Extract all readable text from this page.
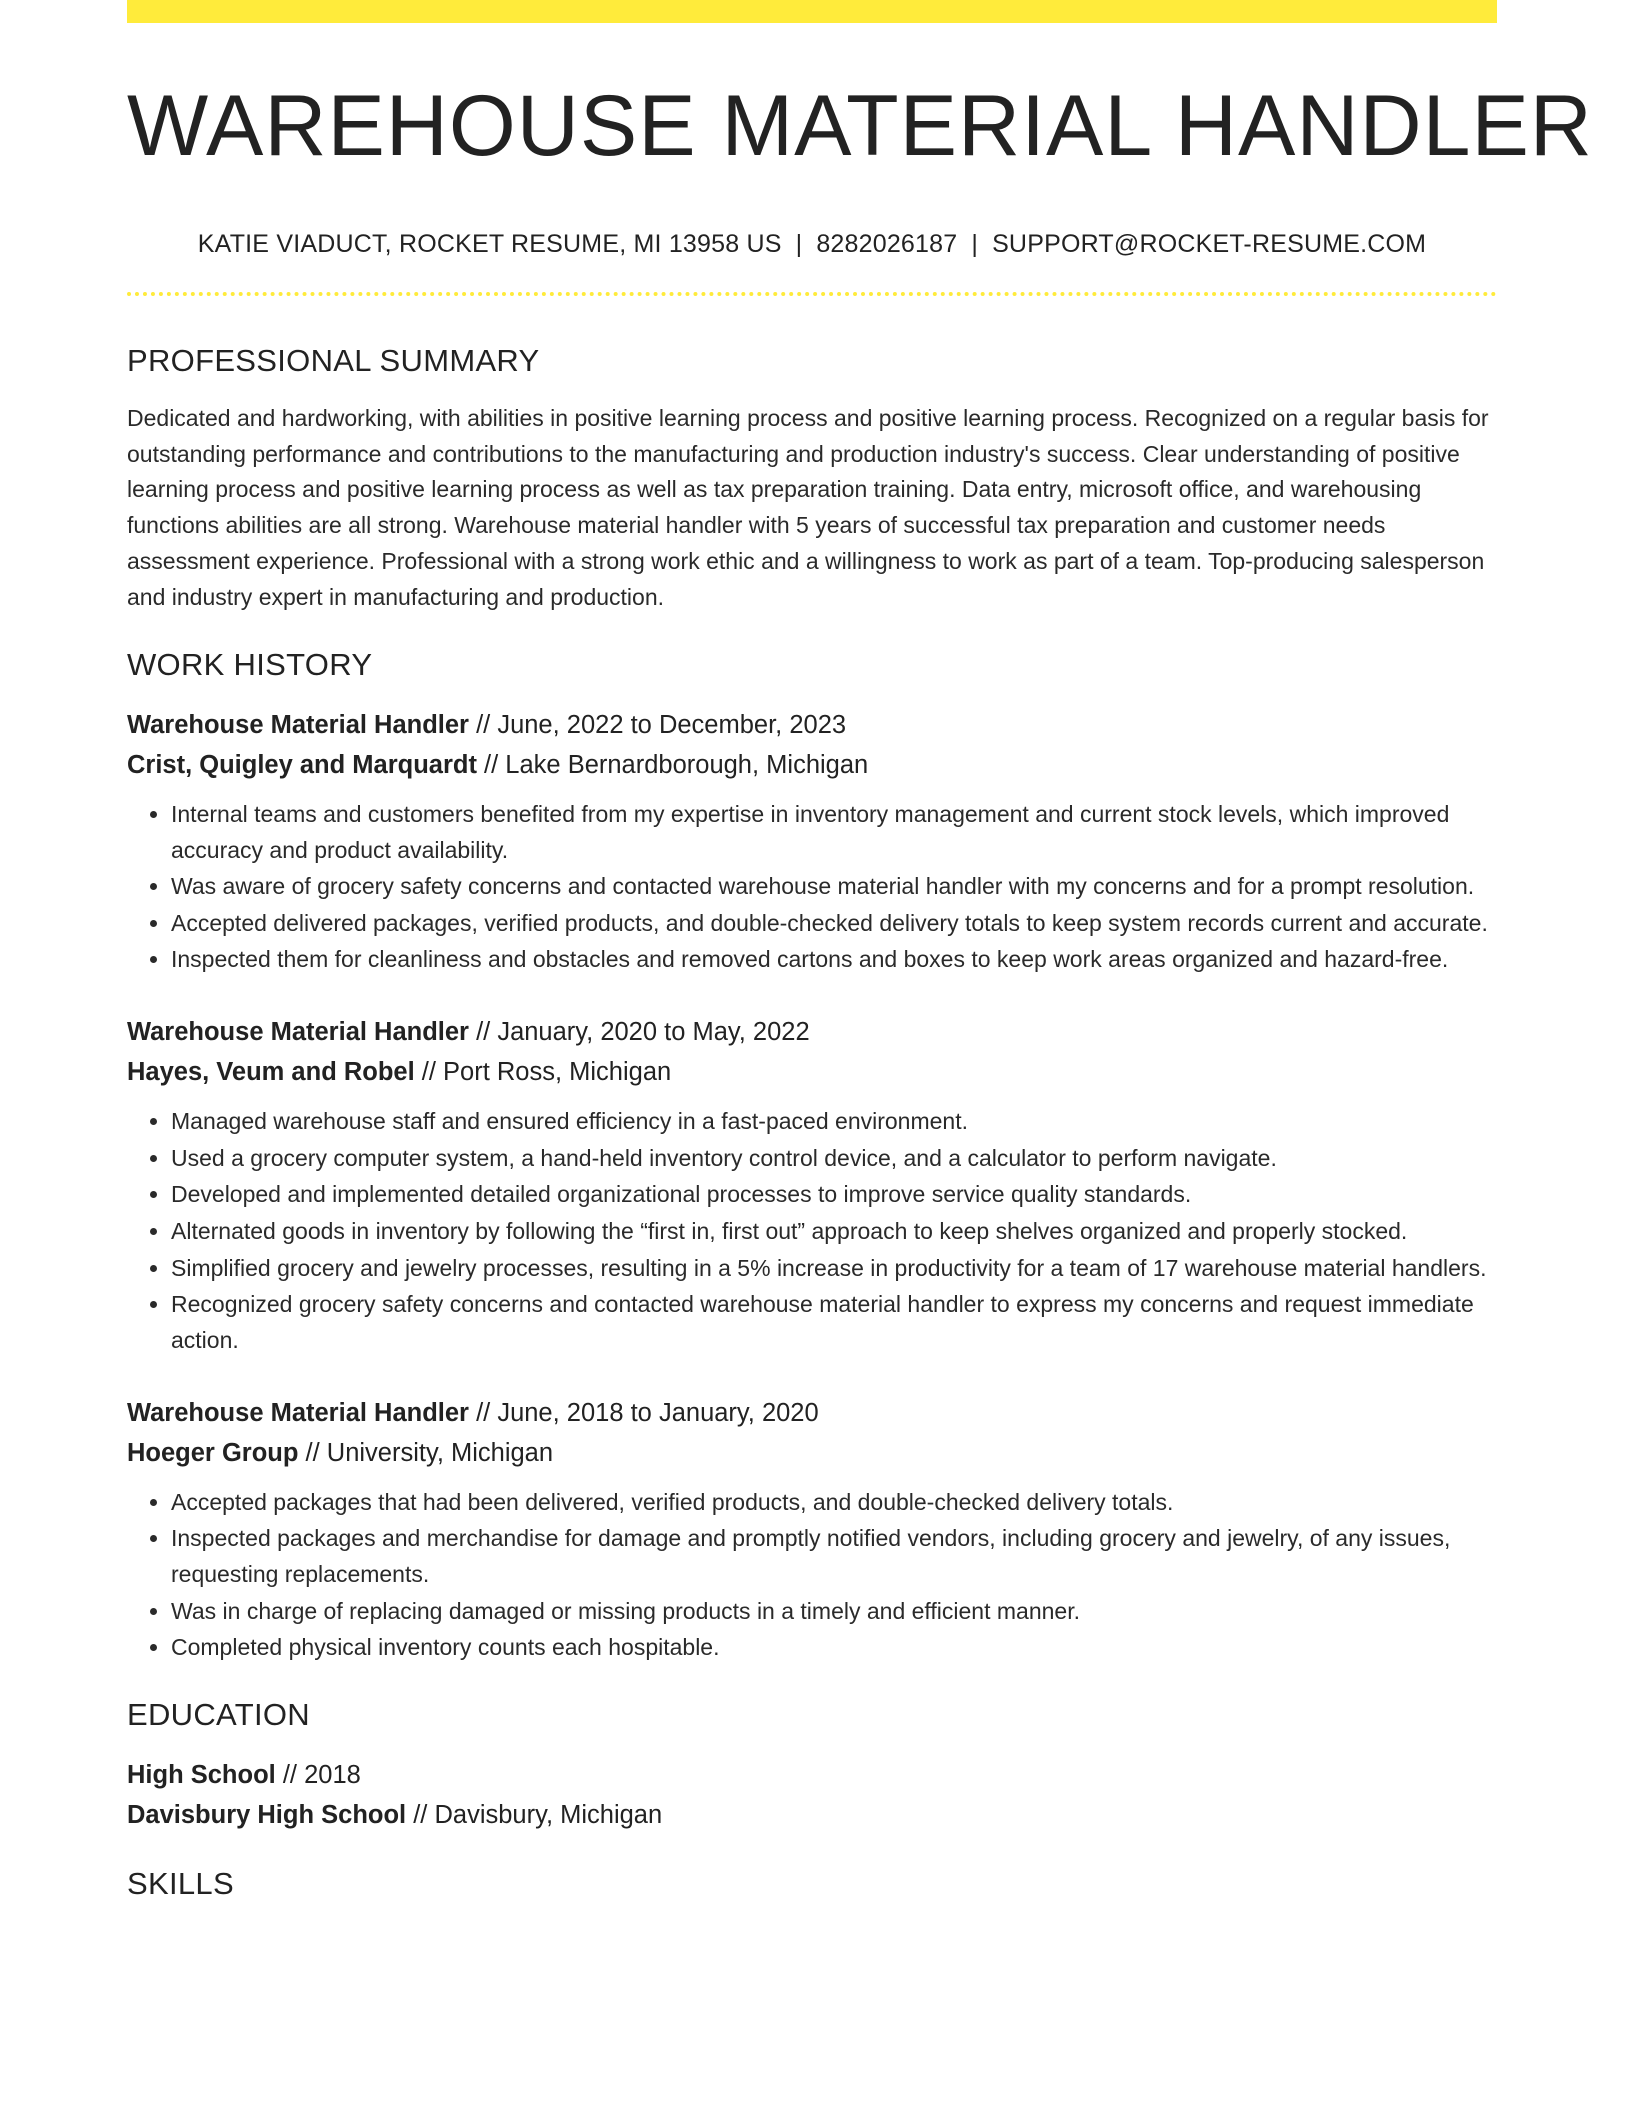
WAREHOUSE MATERIAL HANDLER
KATIE VIADUCT, ROCKET RESUME, MI 13958 US | 8282026187 | SUPPORT@ROCKET-RESUME.COM
PROFESSIONAL SUMMARY

Dedicated and hardworking, with abilities in positive learning process and positive learning process. Recognized on a regular basis for outstanding performance and contributions to the manufacturing and production industry's success. Clear understanding of positive learning process and positive learning process as well as tax preparation training. Data entry, microsoft office, and warehousing functions abilities are all strong. Warehouse material handler with 5 years of successful tax preparation and customer needs assessment experience. Professional with a strong work ethic and a willingness to work as part of a team. Top-producing salesperson and industry expert in manufacturing and production.

WORK HISTORY
Warehouse Material Handler // June, 2022 to December, 2023
Crist, Quigley and Marquardt // Lake Bernardborough, Michigan
• Internal teams and customers benefited from my expertise in inventory management and current stock levels, which improved accuracy and product availability.
• Was aware of grocery safety concerns and contacted warehouse material handler with my concerns and for a prompt resolution.
• Accepted delivered packages, verified products, and double-checked delivery totals to keep system records current and accurate.
• Inspected them for cleanliness and obstacles and removed cartons and boxes to keep work areas organized and hazard-free.
Warehouse Material Handler // January, 2020 to May, 2022
Hayes, Veum and Robel // Port Ross, Michigan
• Managed warehouse staff and ensured efficiency in a fast-paced environment.
• Used a grocery computer system, a hand-held inventory control device, and a calculator to perform navigate.
• Developed and implemented detailed organizational processes to improve service quality standards.
• Alternated goods in inventory by following the “first in, first out” approach to keep shelves organized and properly stocked.
• Simplified grocery and jewelry processes, resulting in a 5% increase in productivity for a team of 17 warehouse material handlers.
• Recognized grocery safety concerns and contacted warehouse material handler to express my concerns and request immediate action.
Warehouse Material Handler // June, 2018 to January, 2020
Hoeger Group // University, Michigan
• Accepted packages that had been delivered, verified products, and double-checked delivery totals.
• Inspected packages and merchandise for damage and promptly notified vendors, including grocery and jewelry, of any issues, requesting replacements.
• Was in charge of replacing damaged or missing products in a timely and efficient manner.
• Completed physical inventory counts each hospitable.
EDUCATION
High School // 2018
Davisbury High School // Davisbury, Michigan
SKILLS
